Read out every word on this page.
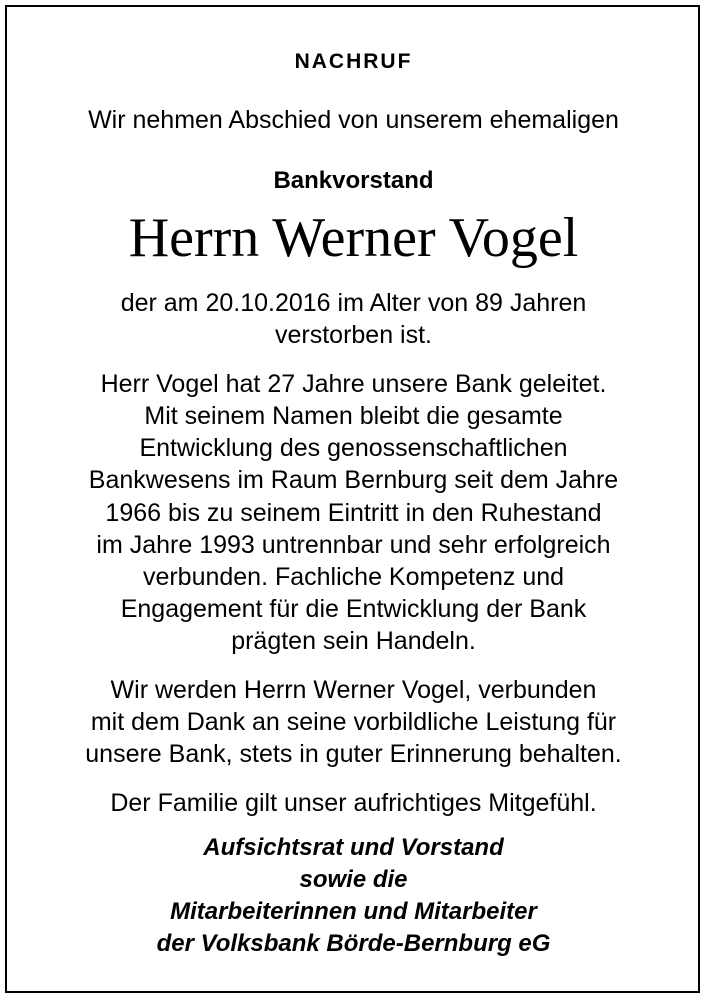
NACHRUF
Wir nehmen Abschied von unserem ehemaligen
Bankvorstand
Herrn Werner Vogel
der am 20.10.2016 im Alter von 89 Jahren
verstorben ist.
Herr Vogel hat 27 Jahre unsere Bank geleitet.
Mit seinem Namen bleibt die gesamte
Entwicklung des genossenschaftlichen
Bankwesens im Raum Bernburg seit dem Jahre
1966 bis zu seinem Eintritt in den Ruhestand
im Jahre 1993 untrennbar und sehr erfolgreich
verbunden. Fachliche Kompetenz und
Engagement für die Entwicklung der Bank
prägten sein Handeln.
Wir werden Herrn Werner Vogel, verbunden
mit dem Dank an seine vorbildliche Leistung für
unsere Bank, stets in guter Erinnerung behalten.
Der Familie gilt unser aufrichtiges Mitgefühl.
Aufsichtsrat und Vorstand
sowie die
Mitarbeiterinnen und Mitarbeiter
der Volksbank Börde-Bernburg eG
